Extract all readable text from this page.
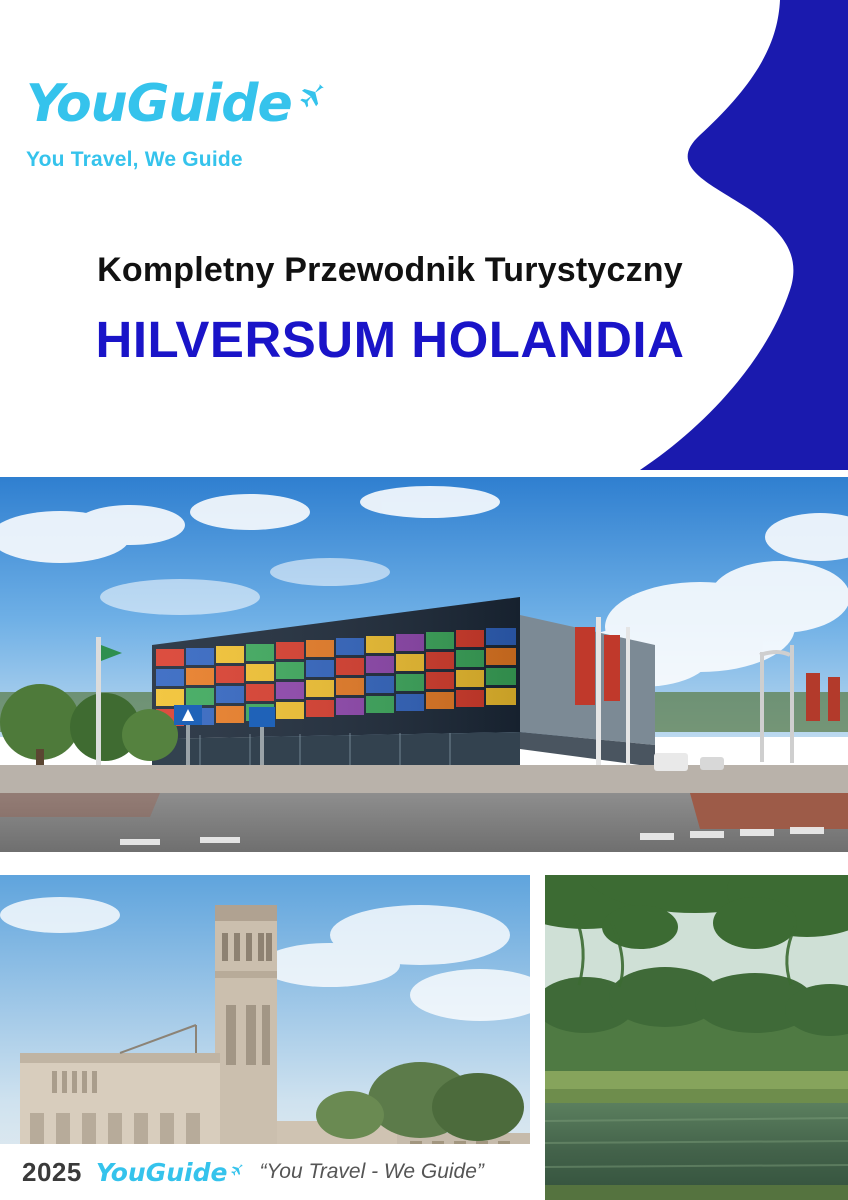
YouGuide
You Travel, We Guide
Kompletny Przewodnik Turystyczny
HILVERSUM HOLANDIA
2025 YouGuide “You Travel - We Guide”
